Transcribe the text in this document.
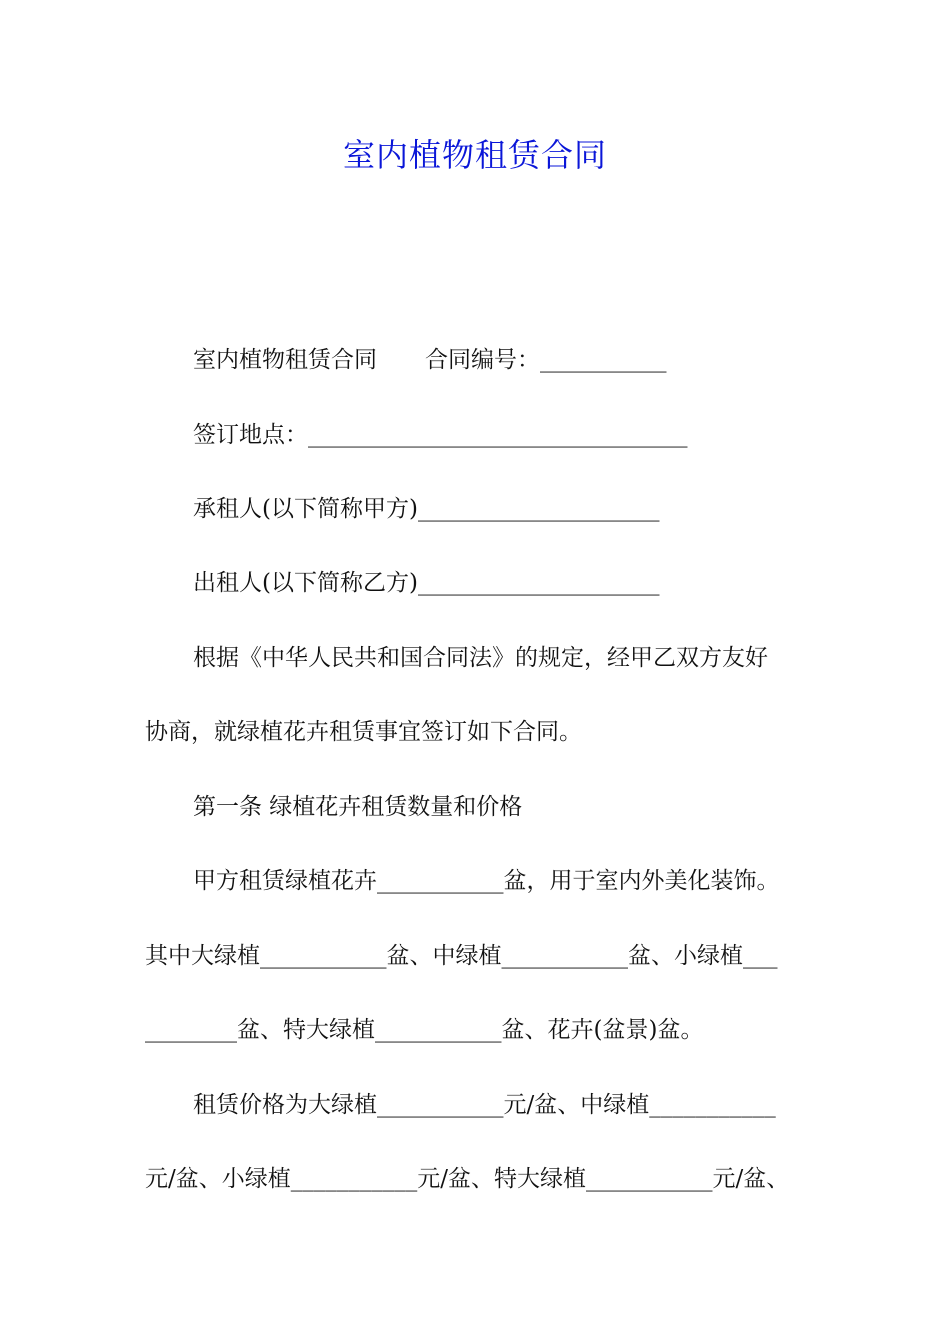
室内植物租赁合同

室内植物租赁合同 合同编号：___________

签订地点：_________________________________

承租人(以下简称甲方)_____________________

出租人(以下简称乙方)_____________________

根据《中华人民共和国合同法》的规定，经甲乙双方友好

协商，就绿植花卉租赁事宜签订如下合同。

第一条 绿植花卉租赁数量和价格

甲方租赁绿植花卉___________盆，用于室内外美化装饰。

其中大绿植___________盆、中绿植___________盆、小绿植___

________盆、特大绿植___________盆、花卉(盆景)盆。

租赁价格为大绿植___________元/盆、中绿植___________

元/盆、小绿植___________元/盆、特大绿植___________元/盆、
